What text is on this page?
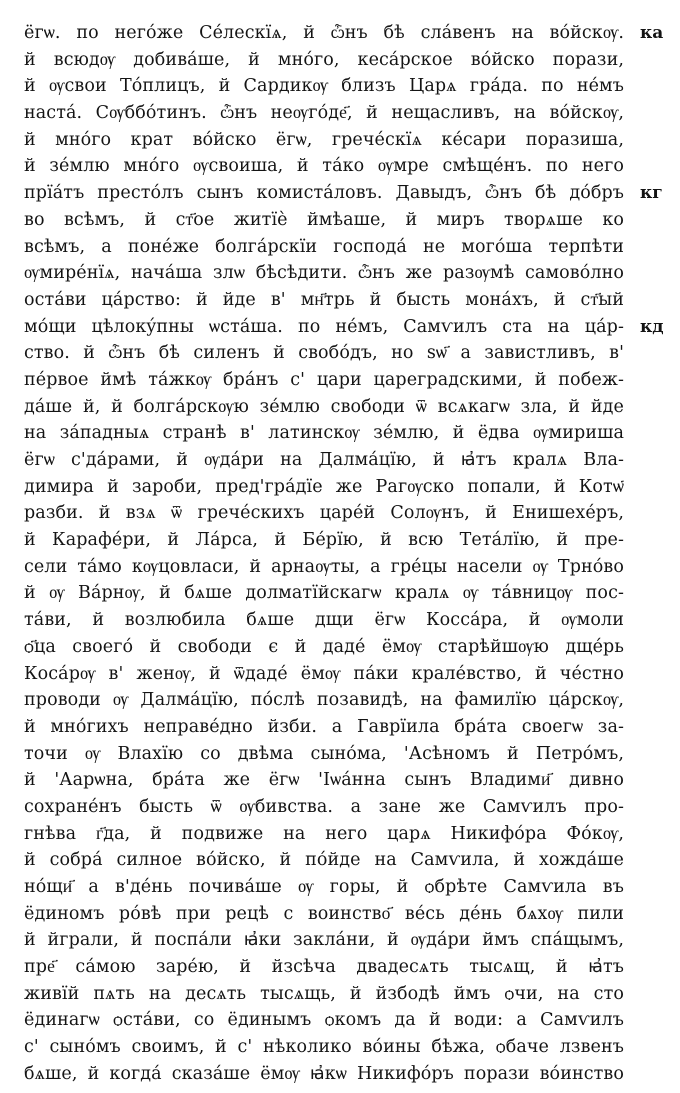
ёгѡ. по негóже Сéлескїѧ, й ѽнъ бѣ слáвенъ на вóйскѹ.
й всюдѹ добивáше, й мнóго, кесáрское вóйско порази,
й ѹсвои Тóплицъ, й Сардикѹ близъ Царѧ грáда. по нéмъ
настá. Сѹббóтинъ. ѽнъ неѹгóде҃, й нещасливъ, на вóйскѹ,
й мнóго крат вóйско ёгѡ, гречéскїѧ кéсари поразиша,
й зéмлю мнóго ѹсвоиша, й тáко ѹмре смѣщéнъ. по него
прїáтъ престóлъ сынъ комистáловъ. Давыдъ, ѽнъ бѣ дóбръ
во всѣмъ, й ст҃ое житїѐ ймѣаше, й миръ творѧше ко
всѣмъ, а понéже болгáрскїи господá не могóша терпѣти
ѹмирéнїѧ, начáша злѡ бѣсѣдити. ѽнъ же разѹмѣ самовóлно
остáви цáрство: й йде в' мн҃трь й бысть монáхъ, й ст҃ый
мóщи цѣлокýпны ѡстáша. по нéмъ, Самѵилъ ста на цáр-
ство. й ѽнъ бѣ силенъ й свобóдъ, но ѕѡ҃ а завистливъ, в'
пéрвое ймѣ тáжкѹ брáнъ с' цари цареградскими, й побеж-
дáше й, й болгáрскѹю зéмлю свободи ѿ всѧкагѡ зла, й йде
на зáпадныѧ странѣ в' латинскѹ зéмлю, й ёдва ѹмириша
ёгѡ с'дáрами, й ѹдáри на Далмáцїю, й ꙗ҆тъ кралѧ Вла-
димира й зароби, пред'грáдїе же Рагѹско попали, й Котѡ҃
разби. й взѧ ѿ гречéскихъ царéй Солѹнъ, й Енишехéръ,
й Карафéри, й Лáрса, й Бéрїю, й всю Тетáлїю, й пре-
сели тáмо кѹцовласи, й арнаѹты, а грéцы насели ѹ Трнóво
й ѹ Вáрнѹ, й бѧше долматїйскагѡ кралѧ ѹ тáвницѹ пос-
тáви, й возлюбила бѧше дщи ёгѡ Коссáра, й ѹмоли
ѻ҃ца своегó й свободи є й дадé ёмѹ старѣйшѹю дщéрь
Косáрѹ в' женѹ, й ѿдадé ёмѹ пáки кралéвство, й чéстно
проводи ѹ Далмáцїю, пóслѣ позавидѣ, на фамилїю цáрскѹ,
й мнóгихъ неправéдно йзби. а Гаврїила брáта своегѡ за-
точи ѹ Влахїю со двѣма сынóма, 'Асѣномъ й Петрóмъ,
й 'Аарѡна, брáта же ёгѡ 'Іѡáнна сынъ Владими҃ дивно
сохранéнъ бысть ѿ ѹбивства. а зане же Самѵилъ про-
гнѣва г҃да, й подвиже на него царѧ Никифóра Фóкѹ,
й собрá силное вóйско, й пóйде на Самѵила, й хождáше
нóщи҃ а в'дéнь почивáше ѹ горы, й ѻбрѣте Самѵила въ
ёдиномъ рóвѣ при рецѣ с воинство҃ вéсь дéнь бѧхѹ пили
й йграли, й поспáли ꙗ҆ки заклáни, й ѹдáри ймъ спáщымъ,
пре҃ сáмою зарéю, й йзсѣча двадесѧть тысѧщ, й ꙗ҆тъ
живїй пѧть на десѧть тысѧщь, й йзбодѣ ймъ ѻчи, на сто
ёдинагѡ ѻстáви, со ёдинымъ ѻкомъ да й води: а Самѵилъ
с' сынóмъ своимъ, й с' нѣколико вóины бѣжа, ѻбаче лзвенъ
бѧше, й когдá сказáше ёмѹ ꙗ҆кѡ Никифóръ порази вóинство
ка
кг
кд
